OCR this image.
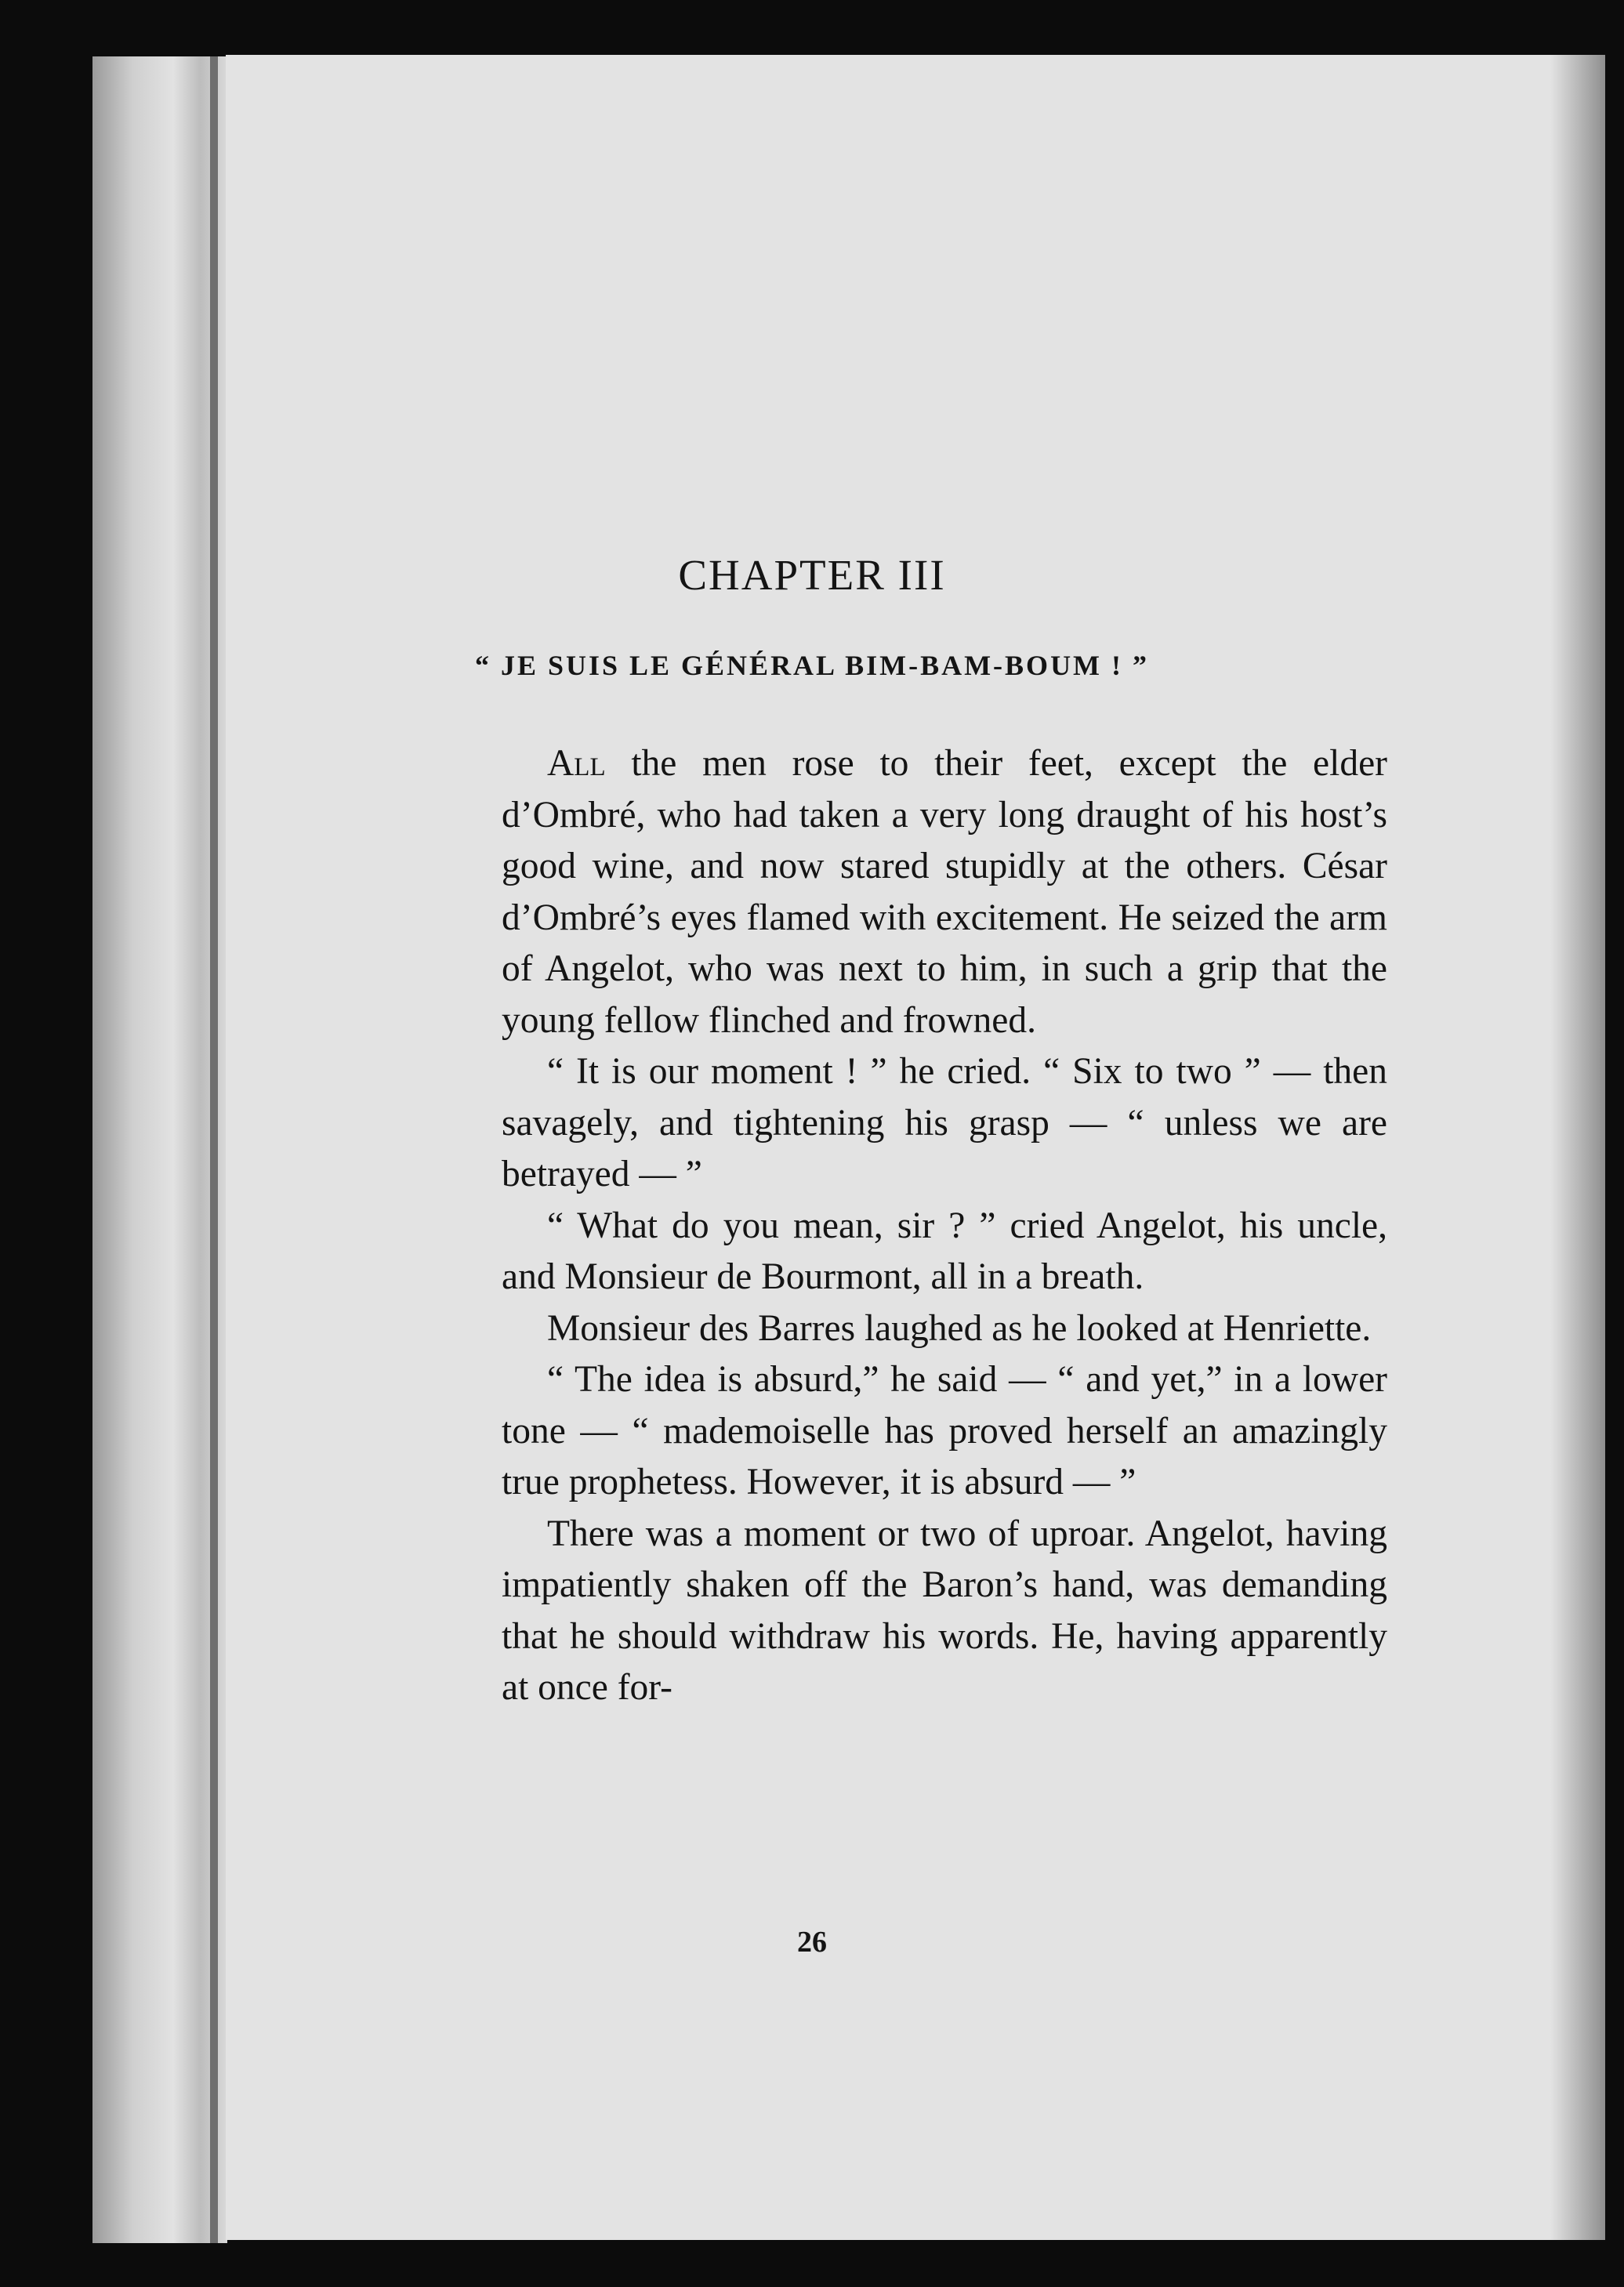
CHAPTER III
“ JE SUIS LE GÉNÉRAL BIM-BAM-BOUM ! ”

All the men rose to their feet, except the elder d’Ombré, who had taken a very long draught of his host’s good wine, and now stared stupidly at the others. César d’Ombré’s eyes flamed with excitement. He seized the arm of Angelot, who was next to him, in such a grip that the young fellow flinched and frowned.

“ It is our moment ! ” he cried. “ Six to two ” — then savagely, and tightening his grasp — “ unless we are betrayed — ”

“ What do you mean, sir ? ” cried Angelot, his uncle, and Monsieur de Bourmont, all in a breath.

Monsieur des Barres laughed as he looked at Henriette.

“ The idea is absurd,” he said — “ and yet,” in a lower tone — “ mademoiselle has proved herself an amazingly true prophetess. However, it is absurd — ”

There was a moment or two of uproar. Angelot, having impatiently shaken off the Baron’s hand, was demanding that he should withdraw his words. He, having apparently at once for-

26
